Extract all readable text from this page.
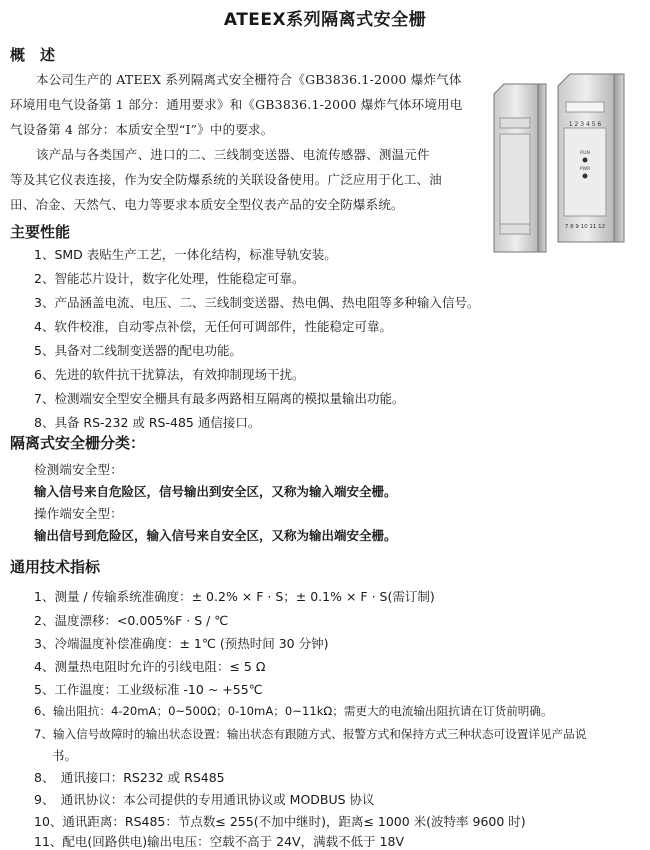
ATEEX系列隔离式安全栅
概　述
本公司生产的 ATEEX 系列隔离式安全栅符合《GB3836.1-2000 爆炸气体
环境用电气设备第 1 部分：通用要求》和《GB3836.1-2000 爆炸气体环境用电
气设备第 4 部分：本质安全型“I”》中的要求。
该产品与各类国产、进口的二、三线制变送器、电流传感器、测温元件
等及其它仪表连接，作为安全防爆系统的关联设备使用。广泛应用于化工、油
田、冶金、天然气、电力等要求本质安全型仪表产品的安全防爆系统。
1 2 3 4 5 6
7 8 9 10 11 12
RUN
PWR
主要性能
1、SMD 表贴生产工艺，一体化结构，标准导轨安装。
2、智能芯片设计，数字化处理，性能稳定可靠。
3、产品涵盖电流、电压、二、三线制变送器、热电偶、热电阻等多种输入信号。
4、软件校准，自动零点补偿，无任何可调部件，性能稳定可靠。
5、具备对二线制变送器的配电功能。
6、先进的软件抗干扰算法，有效抑制现场干扰。
7、检测端安全型安全栅具有最多两路相互隔离的模拟量输出功能。
8、具备 RS-232 或 RS-485 通信接口。
隔离式安全栅分类：
检测端安全型：
输入信号来自危险区，信号输出到安全区，又称为输入端安全栅。
操作端安全型：
输出信号到危险区，输入信号来自安全区，又称为输出端安全栅。
通用技术指标
1、测量 / 传输系统准确度：± 0.2% × F · S；± 0.1% × F · S(需订制)
2、温度漂移：<0.005%F · S / ℃
3、冷端温度补偿准确度：± 1℃ (预热时间 30 分钟)
4、测量热电阻时允许的引线电阻：≤ 5 Ω
5、工作温度：工业级标准 -10 ~ +55℃
6、输出阻抗：4-20mA；0~500Ω；0-10mA；0~11kΩ；需更大的电流输出阻抗请在订货前明确。
7、输入信号故障时的输出状态设置：输出状态有跟随方式、报警方式和保持方式三种状态可设置详见产品说
书。
8、　通讯接口：RS232 或 RS485
9、　通讯协议：本公司提供的专用通讯协议或 MODBUS 协议
10、通讯距离：RS485：节点数≤ 255(不加中继时)，距离≤ 1000 米(波特率 9600 时)
11、配电(回路供电)输出电压：空载不高于 24V，满载不低于 18V
